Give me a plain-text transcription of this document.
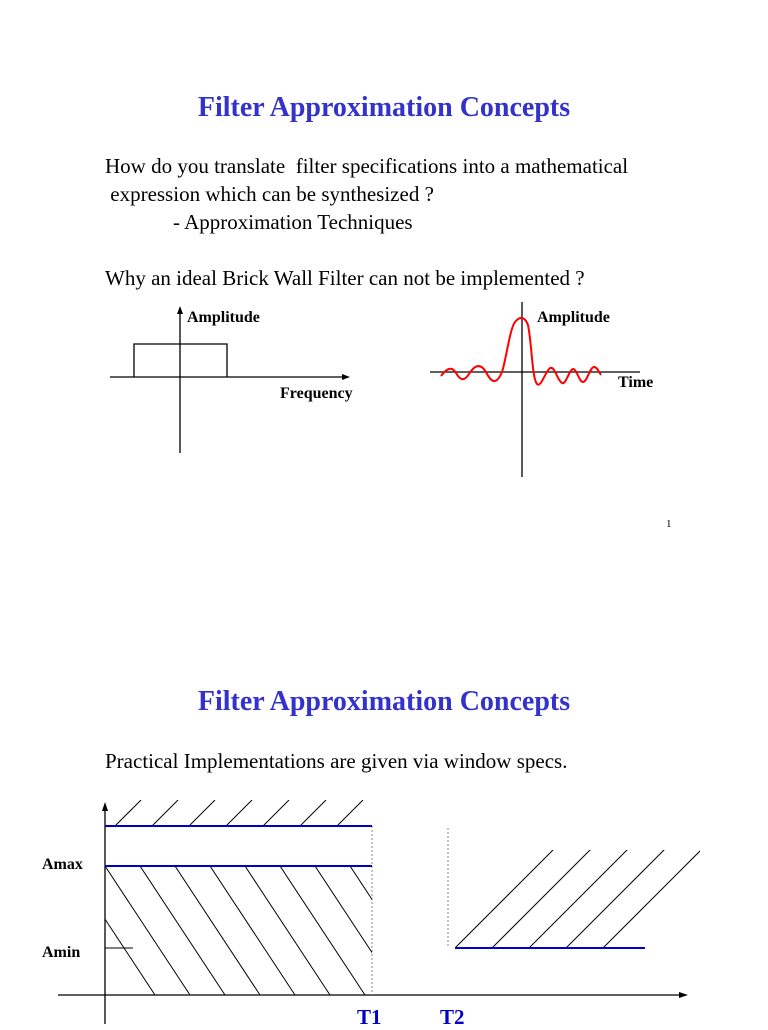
Filter Approximation Concepts
How do you translate  filter specifications into a mathematical
expression which can be synthesized ?
- Approximation Techniques
Why an ideal Brick Wall Filter can not be implemented ?
Amplitude
Frequency
Amplitude
Time
1
Filter Approximation Concepts
Practical Implementations are given via window specs.
Amax
Amin
T1	T2
